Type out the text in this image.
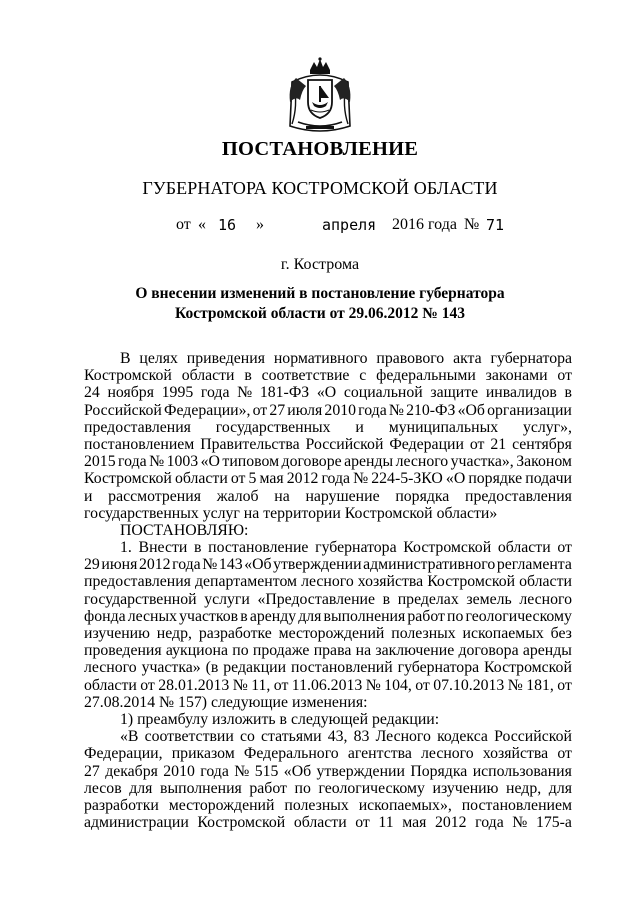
ПОСТАНОВЛЕНИЕ
ГУБЕРНАТОРА КОСТРОМСКОЙ ОБЛАСТИ
от « 16 »	апреля 2016 года № 71
г. Кострома
О внесении изменений в постановление губернатора
Костромской области от 29.06.2012 № 143
В целях приведения нормативного правового акта губернатора
Костромской области в соответствие с федеральными законами от
24 ноября 1995 года № 181-ФЗ «О социальной защите инвалидов в
Российской Федерации», от 27 июля 2010 года № 210-ФЗ «Об организации
предоставления государственных и муниципальных услуг»,
постановлением Правительства Российской Федерации от 21 сентября
2015 года № 1003 «О типовом договоре аренды лесного участка», Законом
Костромской области от 5 мая 2012 года № 224-5-ЗКО «О порядке подачи
и рассмотрения жалоб на нарушение порядка предоставления
государственных услуг на территории Костромской области»
ПОСТАНОВЛЯЮ:
1. Внести в постановление губернатора Костромской области от
29 июня 2012 года № 143 «Об утверждении административного регламента
предоставления департаментом лесного хозяйства Костромской области
государственной услуги «Предоставление в пределах земель лесного
фонда лесных участков в аренду для выполнения работ по геологическому
изучению недр, разработке месторождений полезных ископаемых без
проведения аукциона по продаже права на заключение договора аренды
лесного участка» (в редакции постановлений губернатора Костромской
области от 28.01.2013 № 11, от 11.06.2013 № 104, от 07.10.2013 № 181, от
27.08.2014 № 157) следующие изменения:
1) преамбулу изложить в следующей редакции:
«В соответствии со статьями 43, 83 Лесного кодекса Российской
Федерации, приказом Федерального агентства лесного хозяйства от
27 декабря 2010 года № 515 «Об утверждении Порядка использования
лесов для выполнения работ по геологическому изучению недр, для
разработки месторождений полезных ископаемых», постановлением
администрации Костромской области от 11 мая 2012 года № 175-а
